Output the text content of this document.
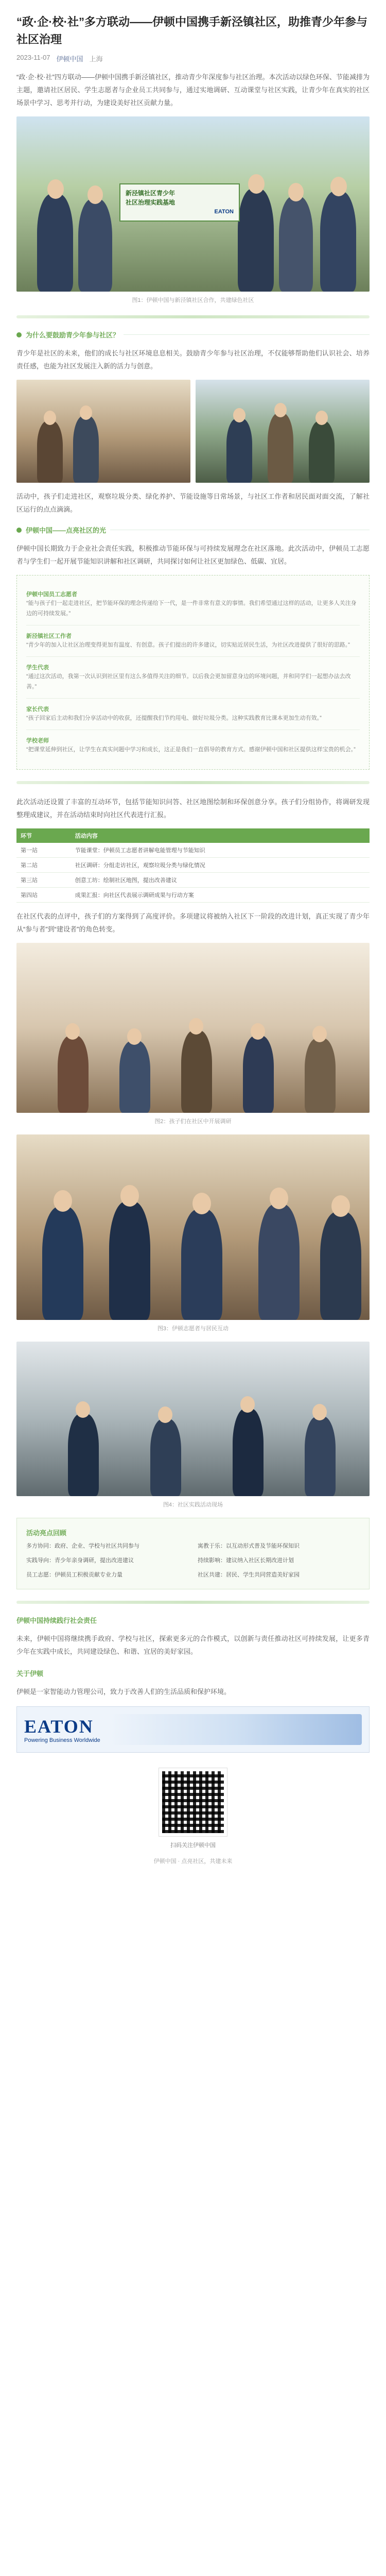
“政·企·校·社”多方联动——伊顿中国携手新泾镇社区，助推青少年参与社区治理
2023-11-07 伊顿中国 上海
“政·企·校·社”四方联动——伊顿中国携手新泾镇社区，推动青少年深度参与社区治理。本次活动以绿色环保、节能减排为主题，邀请社区居民、学生志愿者与企业员工共同参与，通过实地调研、互动课堂与社区实践，让青少年在真实的社区场景中学习、思考并行动，为建设美好社区贡献力量。
新泾镇社区青少年
社区治理实践基地
EATON
图1：伊顿中国与新泾镇社区合作，共建绿色社区
为什么要鼓励青少年参与社区？
青少年是社区的未来，他们的成长与社区环境息息相关。鼓励青少年参与社区治理，不仅能够帮助他们认识社会、培养责任感，也能为社区发展注入新的活力与创意。
活动中，孩子们走进社区，观察垃圾分类、绿化养护、节能设施等日常场景，与社区工作者和居民面对面交流，了解社区运行的点点滴滴。
伊顿中国——点亮社区的光
伊顿中国长期致力于企业社会责任实践，积极推动节能环保与可持续发展理念在社区落地。此次活动中，伊顿员工志愿者与学生们一起开展节能知识讲解和社区调研，共同探讨如何让社区更加绿色、低碳、宜居。
伊顿中国员工志愿者
“能与孩子们一起走进社区，把节能环保的理念传递给下一代，是一件非常有意义的事情。我们希望通过这样的活动，让更多人关注身边的可持续发展。”
新泾镇社区工作者
“青少年的加入让社区治理变得更加有温度、有创意。孩子们提出的许多建议，切实贴近居民生活，为社区改进提供了很好的思路。”
学生代表
“通过这次活动，我第一次认识到社区里有这么多值得关注的细节。以后我会更加留意身边的环境问题，并和同学们一起想办法去改善。”
家长代表
“孩子回家后主动和我们分享活动中的收获，还提醒我们节约用电、做好垃圾分类。这种实践教育比课本更加生动有效。”
学校老师
“把课堂延伸到社区，让学生在真实问题中学习和成长，这正是我们一直倡导的教育方式。感谢伊顿中国和社区提供这样宝贵的机会。”
此次活动还设置了丰富的互动环节，包括节能知识问答、社区地图绘制和环保创意分享。孩子们分组协作，将调研发现整理成建议，并在活动结束时向社区代表进行汇报。
环节	活动内容
第一站	节能课堂：伊顿员工志愿者讲解电能管理与节能知识
第二站	社区调研：分组走访社区，观察垃圾分类与绿化情况
第三站	创意工坊：绘制社区地图，提出改善建议
第四站	成果汇报：向社区代表展示调研成果与行动方案
在社区代表的点评中，孩子们的方案得到了高度评价。多项建议将被纳入社区下一阶段的改进计划，真正实现了青少年从“参与者”到“建设者”的角色转变。
图2：孩子们在社区中开展调研
图3：伊顿志愿者与居民互动
图4：社区实践活动现场
活动亮点回顾
多方协同：政府、企业、学校与社区共同参与	寓教于乐：以互动形式普及节能环保知识
实践导向：青少年亲身调研，提出改进建议	持续影响：建议纳入社区长期改进计划
员工志愿：伊顿员工积极贡献专业力量	社区共建：居民、学生共同营造美好家园
伊顿中国持续践行社会责任
未来，伊顿中国将继续携手政府、学校与社区，探索更多元的合作模式，以创新与责任推动社区可持续发展，让更多青少年在实践中成长，共同建设绿色、和谐、宜居的美好家园。
关于伊顿
伊顿是一家智能动力管理公司，致力于改善人们的生活品质和保护环境。
EATON
Powering Business Worldwide
扫码关注伊顿中国
伊顿中国 · 点亮社区，共建未来
